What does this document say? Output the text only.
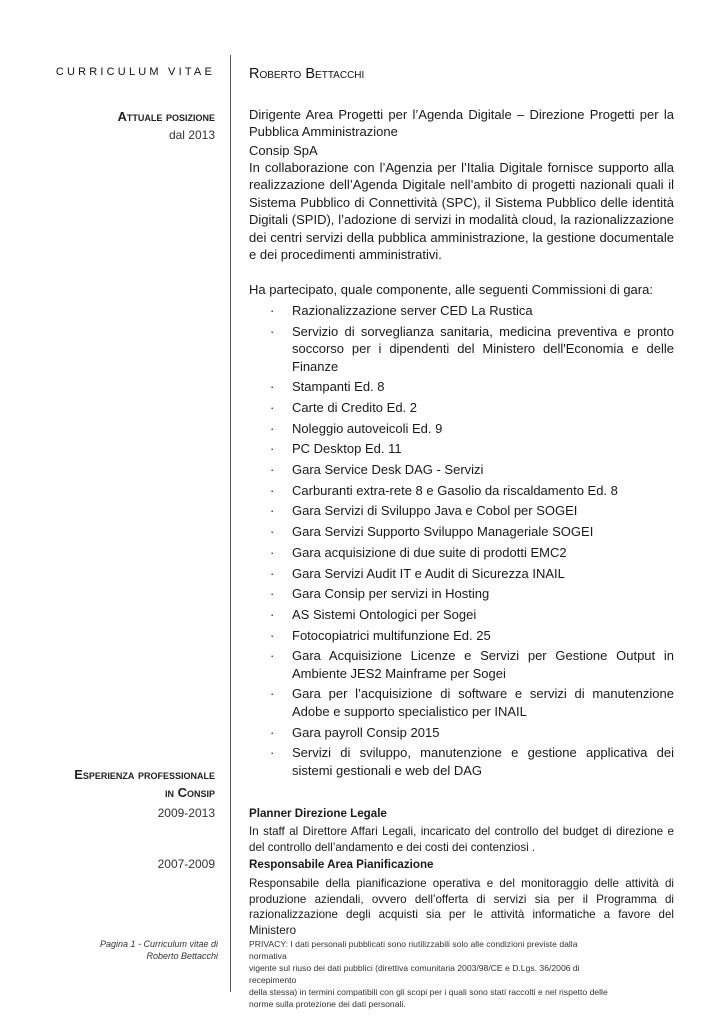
CURRICULUM VITAE Roberto Bettacchi
Attuale posizione
dal 2013
Dirigente Area Progetti per l’Agenda Digitale – Direzione Progetti per la Pubblica Amministrazione
Consip SpA
In collaborazione con l’Agenzia per l’Italia Digitale fornisce supporto alla realizzazione dell’Agenda Digitale nell’ambito di progetti nazionali quali il Sistema Pubblico di Connettività (SPC), il Sistema Pubblico delle identità Digitali (SPID), l’adozione di servizi in modalità cloud, la razionalizzazione dei centri servizi della pubblica amministrazione, la gestione documentale e dei procedimenti amministrativi.
Ha partecipato, quale componente, alle seguenti Commissioni di gara:
· Razionalizzazione server CED La Rustica
· Servizio di sorveglianza sanitaria, medicina preventiva e pronto soccorso per i dipendenti del Ministero dell'Economia e delle Finanze
· Stampanti Ed. 8
· Carte di Credito Ed. 2
· Noleggio autoveicoli Ed. 9
· PC Desktop Ed. 11
· Gara Service Desk DAG - Servizi
· Carburanti extra-rete 8 e Gasolio da riscaldamento Ed. 8
· Gara Servizi di Sviluppo Java e Cobol per SOGEI
· Gara Servizi Supporto Sviluppo Manageriale SOGEI
· Gara acquisizione di due suite di prodotti EMC2
· Gara Servizi Audit IT e Audit di Sicurezza INAIL
· Gara Consip per servizi in Hosting
· AS Sistemi Ontologici per Sogei
· Fotocopiatrici multifunzione Ed. 25
· Gara Acquisizione Licenze e Servizi per Gestione Output in Ambiente JES2 Mainframe per Sogei
· Gara per l’acquisizione di software e servizi di manutenzione Adobe e supporto specialistico per INAIL
· Gara payroll Consip 2015
· Servizi di sviluppo, manutenzione e gestione applicativa dei sistemi gestionali e web del DAG
Esperienza professionale
in Consip
2009-2013	Planner Direzione Legale
In staff al Direttore Affari Legali, incaricato del controllo del budget di direzione e del controllo dell’andamento e dei costi dei contenziosi .
2007-2009	Responsabile Area Pianificazione
Responsabile della pianificazione operativa e del monitoraggio delle attività di produzione aziendali, ovvero dell’offerta di servizi sia per il Programma di razionalizzazione degli acquisti sia per le attività informatiche a favore del Ministero
Pagina 1 - Curriculum vitae di
Roberto Bettacchi
PRIVACY: I dati personali pubblicati sono riutilizzabili solo alle condizioni previste dalla normativa
vigente sul riuso dei dati pubblici (direttiva comunitaria 2003/98/CE e D.Lgs. 36/2006 di recepimento
della stessa) in termini compatibili con gli scopi per i quali sono stati raccolti e nel rispetto delle
norme sulla protezione dei dati personali.
